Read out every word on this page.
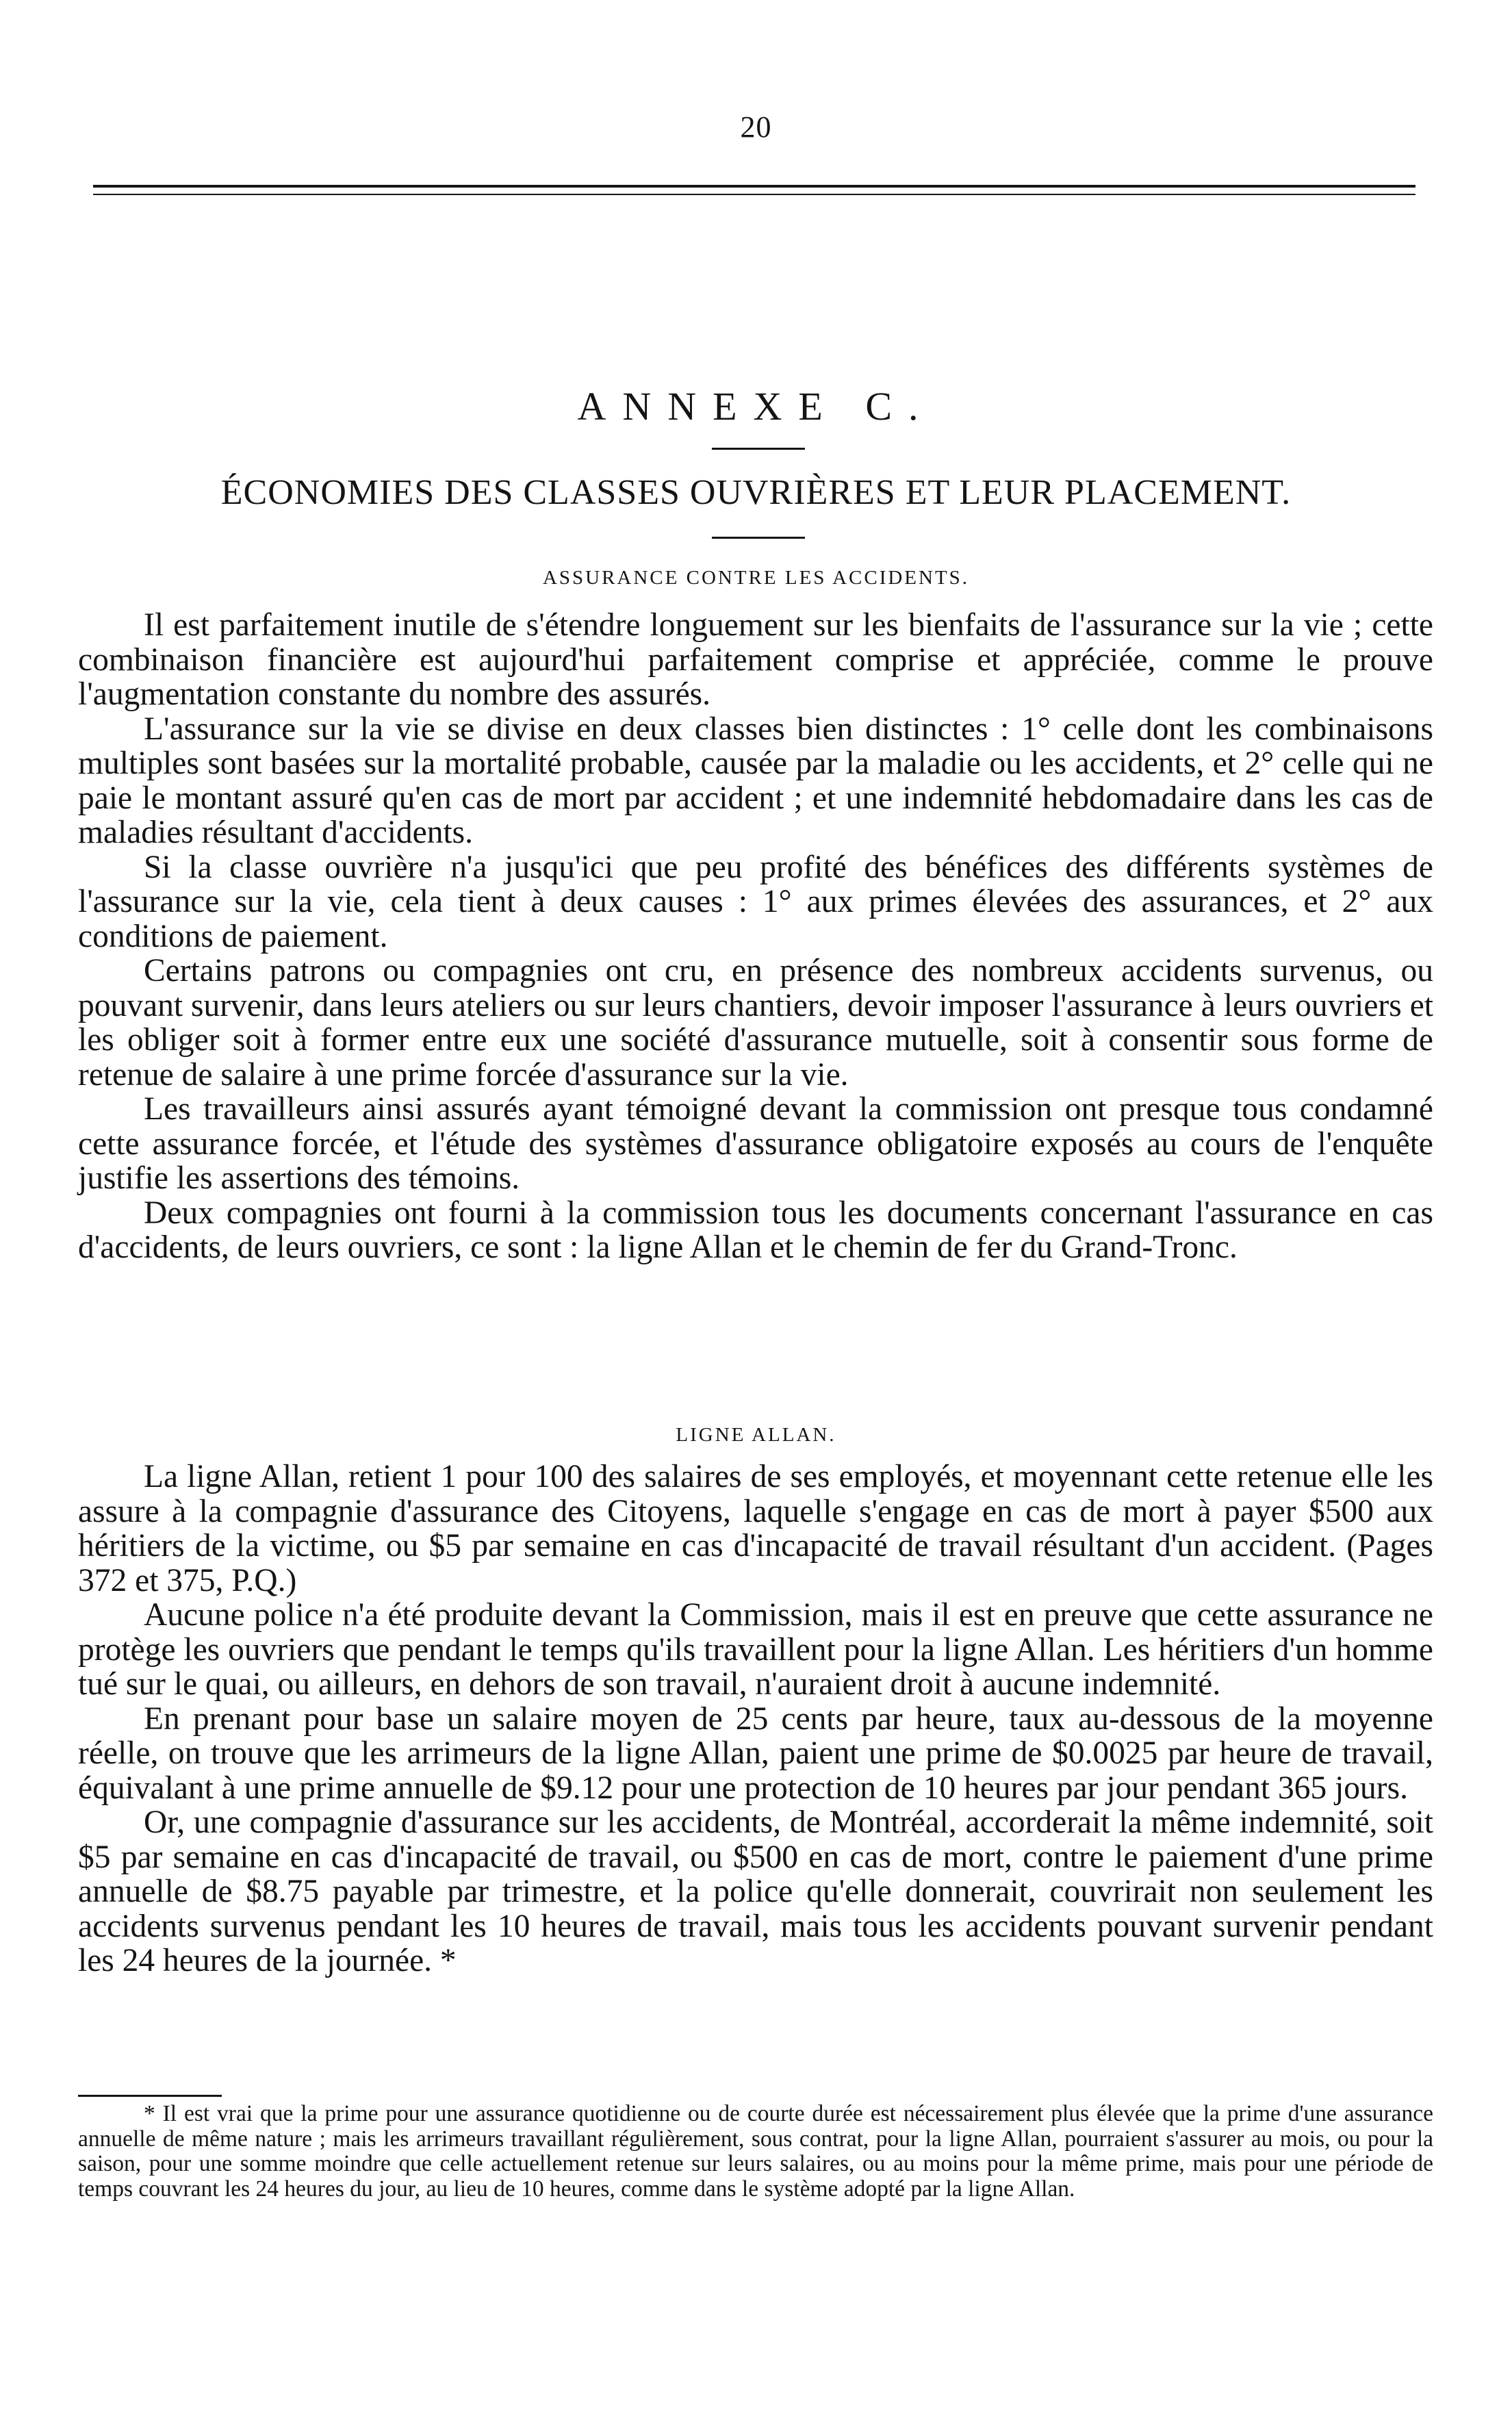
20
ANNEXE C.
ÉCONOMIES DES CLASSES OUVRIÈRES ET LEUR PLACEMENT.
ASSURANCE CONTRE LES ACCIDENTS.

Il est parfaitement inutile de s'étendre longuement sur les bienfaits de l'assurance sur la vie ; cette combinaison financière est aujourd'hui parfaitement comprise et appréciée, comme le prouve l'augmentation constante du nombre des assurés.

L'assurance sur la vie se divise en deux classes bien distinctes : 1° celle dont les combinaisons multiples sont basées sur la mortalité probable, causée par la maladie ou les accidents, et 2° celle qui ne paie le montant assuré qu'en cas de mort par accident ; et une indemnité hebdomadaire dans les cas de maladies résultant d'accidents.

Si la classe ouvrière n'a jusqu'ici que peu profité des bénéfices des différents systèmes de l'assurance sur la vie, cela tient à deux causes : 1° aux primes élevées des assurances, et 2° aux conditions de paiement.

Certains patrons ou compagnies ont cru, en présence des nombreux accidents survenus, ou pouvant survenir, dans leurs ateliers ou sur leurs chantiers, devoir imposer l'assurance à leurs ouvriers et les obliger soit à former entre eux une société d'assurance mutuelle, soit à consentir sous forme de retenue de salaire à une prime forcée d'assurance sur la vie.

Les travailleurs ainsi assurés ayant témoigné devant la commission ont presque tous condamné cette assurance forcée, et l'étude des systèmes d'assurance obligatoire exposés au cours de l'enquête justifie les assertions des témoins.

Deux compagnies ont fourni à la commission tous les documents concernant l'assurance en cas d'accidents, de leurs ouvriers, ce sont : la ligne Allan et le chemin de fer du Grand-Tronc.

LIGNE ALLAN.

La ligne Allan, retient 1 pour 100 des salaires de ses employés, et moyennant cette retenue elle les assure à la compagnie d'assurance des Citoyens, laquelle s'engage en cas de mort à payer $500 aux héritiers de la victime, ou $5 par semaine en cas d'incapacité de travail résultant d'un accident. (Pages 372 et 375, P.Q.)

Aucune police n'a été produite devant la Commission, mais il est en preuve que cette assurance ne protège les ouvriers que pendant le temps qu'ils travaillent pour la ligne Allan. Les héritiers d'un homme tué sur le quai, ou ailleurs, en dehors de son travail, n'auraient droit à aucune indemnité.

En prenant pour base un salaire moyen de 25 cents par heure, taux au-dessous de la moyenne réelle, on trouve que les arrimeurs de la ligne Allan, paient une prime de $0.0025 par heure de travail, équivalant à une prime annuelle de $9.12 pour une protection de 10 heures par jour pendant 365 jours.

Or, une compagnie d'assurance sur les accidents, de Montréal, accorderait la même indemnité, soit $5 par semaine en cas d'incapacité de travail, ou $500 en cas de mort, contre le paiement d'une prime annuelle de $8.75 payable par trimestre, et la police qu'elle donnerait, couvrirait non seulement les accidents survenus pendant les 10 heures de travail, mais tous les accidents pouvant survenir pendant les 24 heures de la journée. *

* Il est vrai que la prime pour une assurance quotidienne ou de courte durée est nécessairement plus élevée que la prime d'une assurance annuelle de même nature ; mais les arrimeurs travaillant régulièrement, sous contrat, pour la ligne Allan, pourraient s'assurer au mois, ou pour la saison, pour une somme moindre que celle actuellement retenue sur leurs salaires, ou au moins pour la même prime, mais pour une période de temps couvrant les 24 heures du jour, au lieu de 10 heures, comme dans le système adopté par la ligne Allan.
